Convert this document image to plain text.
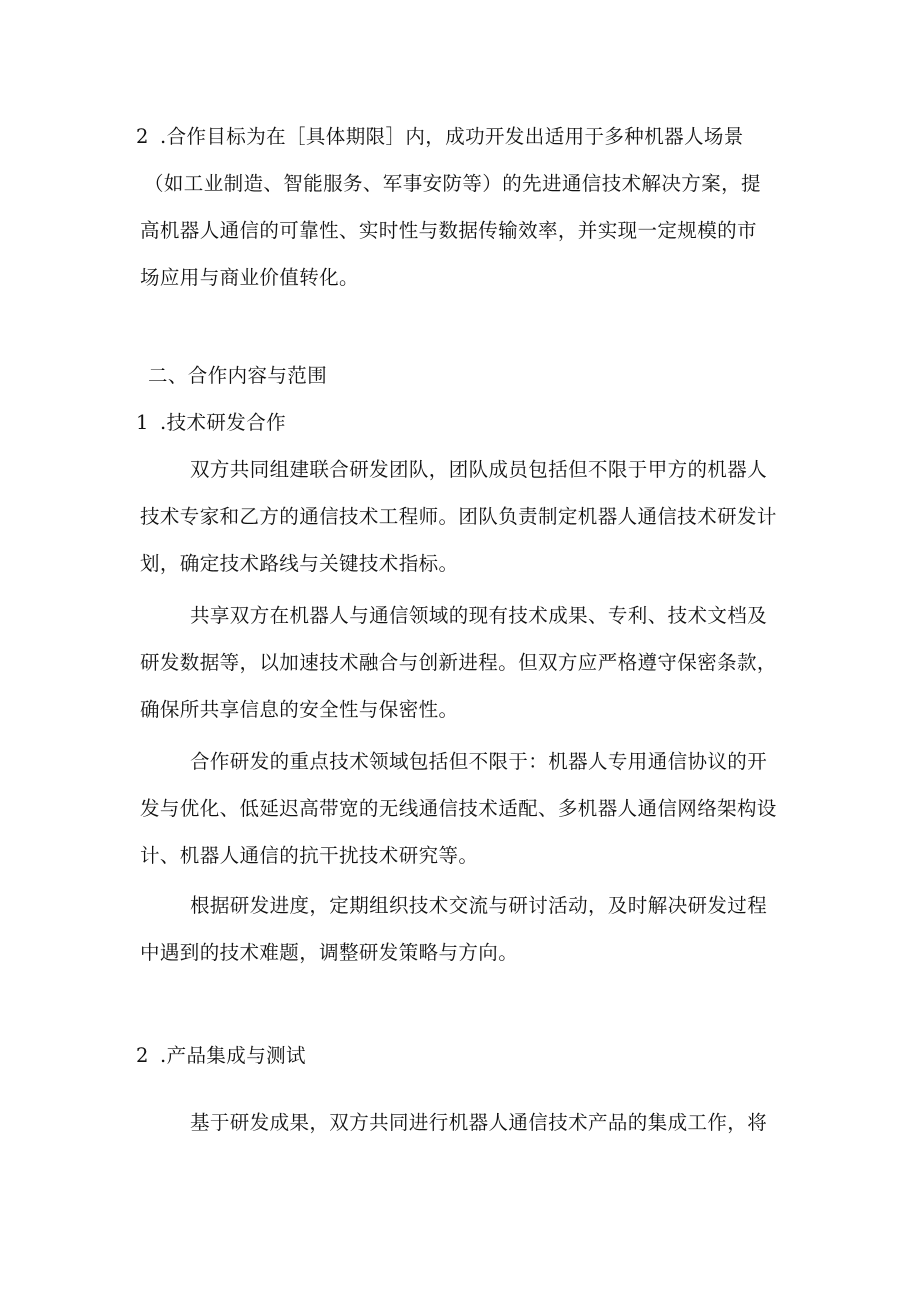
2 .合作目标为在［具体期限］内，成功开发出适用于多种机器人场景
（如工业制造、智能服务、军事安防等）的先进通信技术解决方案，提
高机器人通信的可靠性、实时性与数据传输效率，并实现一定规模的市
场应用与商业价值转化。
二、合作内容与范围
1 .技术研发合作
双方共同组建联合研发团队，团队成员包括但不限于甲方的机器人
技术专家和乙方的通信技术工程师。团队负责制定机器人通信技术研发计
划，确定技术路线与关键技术指标。
共享双方在机器人与通信领域的现有技术成果、专利、技术文档及
研发数据等，以加速技术融合与创新进程。但双方应严格遵守保密条款，
确保所共享信息的安全性与保密性。
合作研发的重点技术领域包括但不限于：机器人专用通信协议的开
发与优化、低延迟高带宽的无线通信技术适配、多机器人通信网络架构设
计、机器人通信的抗干扰技术研究等。
根据研发进度，定期组织技术交流与研讨活动，及时解决研发过程
中遇到的技术难题，调整研发策略与方向。
2 .产品集成与测试
基于研发成果，双方共同进行机器人通信技术产品的集成工作，将
